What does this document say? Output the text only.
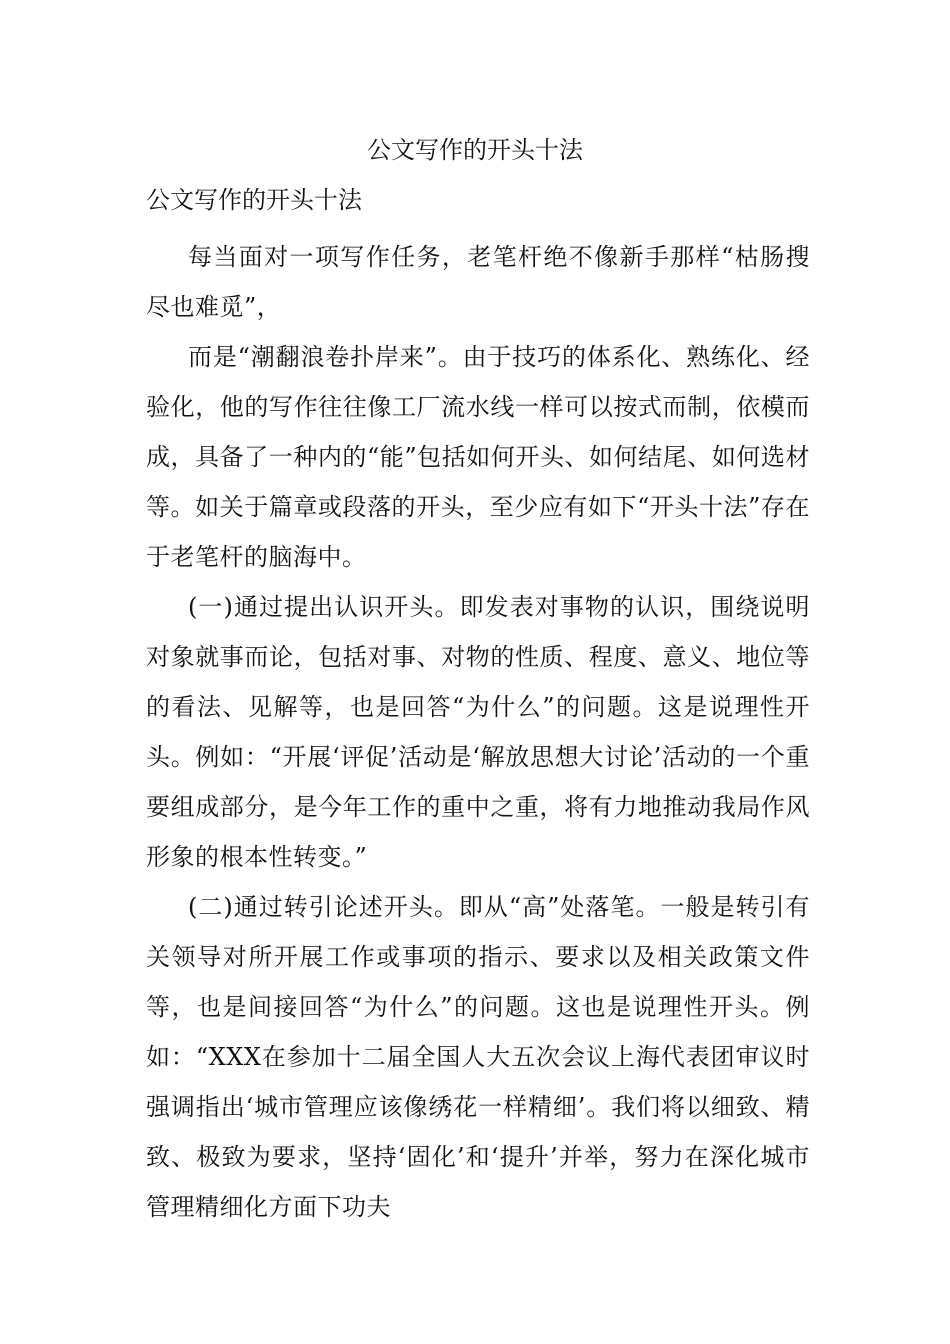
公文写作的开头十法
公文写作的开头十法

每当面对一项写作任务，老笔杆绝不像新手那样“枯肠搜尽也难觅”，

而是“潮翻浪卷扑岸来”。由于技巧的体系化、熟练化、经验化，他的写作往往像工厂流水线一样可以按式而制，依模而成，具备了一种内的“能”包括如何开头、如何结尾、如何选材等。如关于篇章或段落的开头，至少应有如下“开头十法”存在于老笔杆的脑海中。

(一)通过提出认识开头。即发表对事物的认识，围绕说明对象就事而论，包括对事、对物的性质、程度、意义、地位等的看法、见解等，也是回答“为什么”的问题。这是说理性开头。例如：“开展‘评促’活动是‘解放思想大讨论’活动的一个重要组成部分，是今年工作的重中之重，将有力地推动我局作风形象的根本性转变。”

(二)通过转引论述开头。即从“高”处落笔。一般是转引有关领导对所开展工作或事项的指示、要求以及相关政策文件等，也是间接回答“为什么”的问题。这也是说理性开头。例如：“XXX在参加十二届全国人大五次会议上海代表团审议时强调指出‘城市管理应该像绣花一样精细’。我们将以细致、精致、极致为要求，坚持‘固化’和‘提升’并举，努力在深化城市管理精细化方面下功夫
